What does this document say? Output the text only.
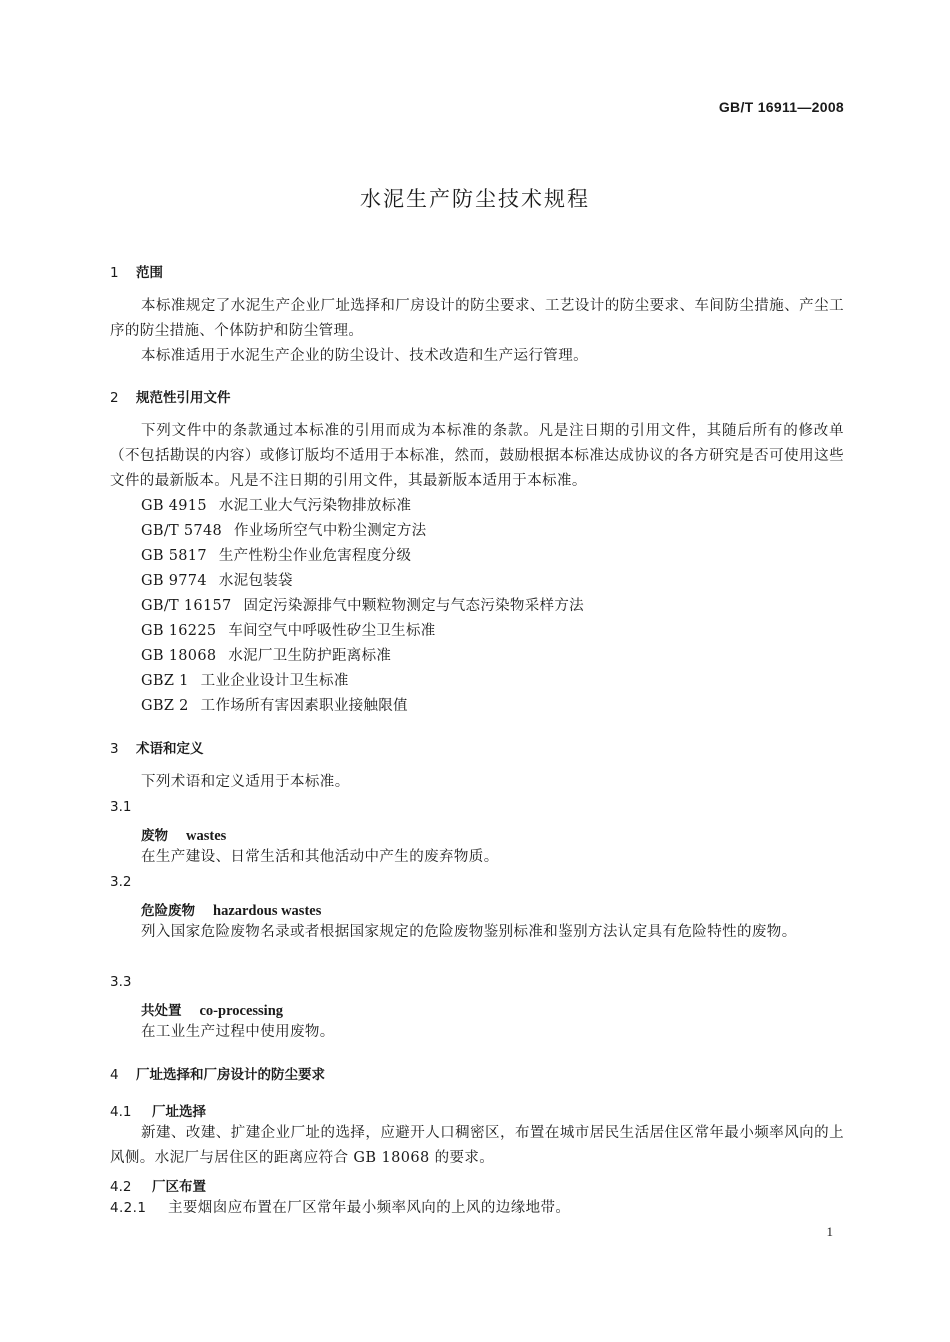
GB/T 16911—2008
水泥生产防尘技术规程
1 范围
本标准规定了水泥生产企业厂址选择和厂房设计的防尘要求、工艺设计的防尘要求、车间防尘措施、产尘工序的防尘措施、个体防护和防尘管理。
本标准适用于水泥生产企业的防尘设计、技术改造和生产运行管理。
2 规范性引用文件
下列文件中的条款通过本标准的引用而成为本标准的条款。凡是注日期的引用文件，其随后所有的修改单（不包括勘误的内容）或修订版均不适用于本标准，然而，鼓励根据本标准达成协议的各方研究是否可使用这些文件的最新版本。凡是不注日期的引用文件，其最新版本适用于本标准。
GB 4915 水泥工业大气污染物排放标准
GB/T 5748 作业场所空气中粉尘测定方法
GB 5817 生产性粉尘作业危害程度分级
GB 9774 水泥包装袋
GB/T 16157 固定污染源排气中颗粒物测定与气态污染物采样方法
GB 16225 车间空气中呼吸性矽尘卫生标准
GB 18068 水泥厂卫生防护距离标准
GBZ 1 工业企业设计卫生标准
GBZ 2 工作场所有害因素职业接触限值
3 术语和定义
下列术语和定义适用于本标准。
3.1
废物 wastes
在生产建设、日常生活和其他活动中产生的废弃物质。
3.2
危险废物 hazardous wastes
列入国家危险废物名录或者根据国家规定的危险废物鉴别标准和鉴别方法认定具有危险特性的废物。
3.3
共处置 co-processing
在工业生产过程中使用废物。
4 厂址选择和厂房设计的防尘要求
4.1 厂址选择
新建、改建、扩建企业厂址的选择，应避开人口稠密区，布置在城市居民生活居住区常年最小频率风向的上风侧。水泥厂与居住区的距离应符合 GB 18068 的要求。
4.2 厂区布置
4.2.1 主要烟囱应布置在厂区常年最小频率风向的上风的边缘地带。
1
